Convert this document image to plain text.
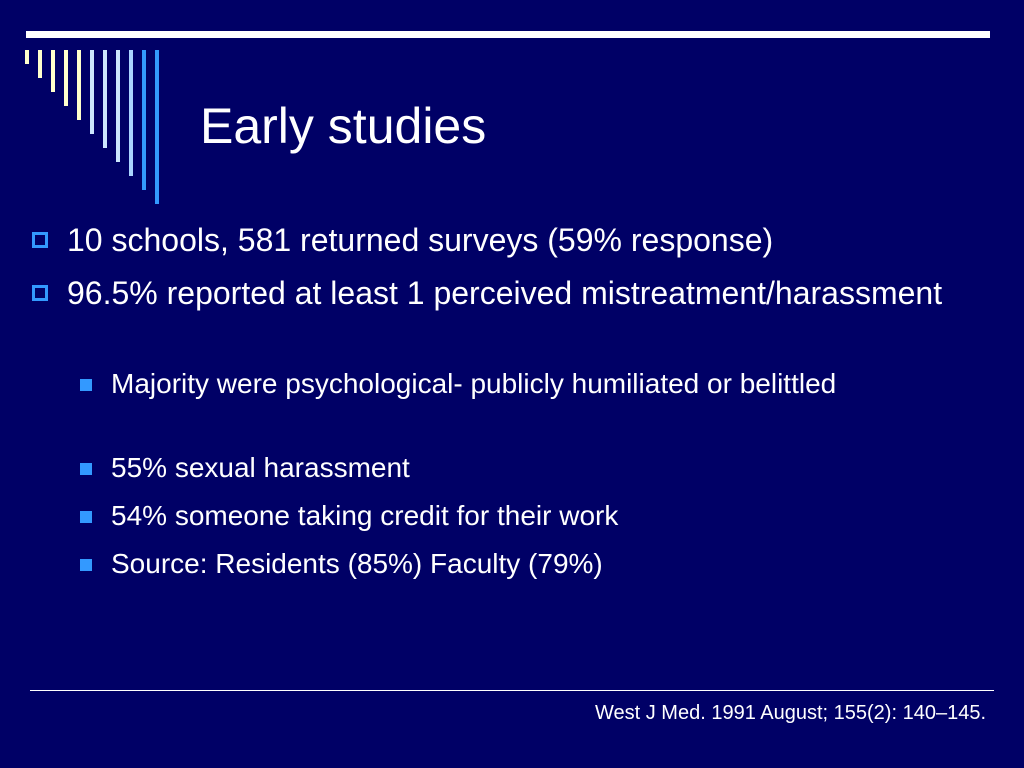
Early studies
10 schools, 581 returned surveys (59% response)
96.5% reported at least 1 perceived mistreatment/harassment
Majority were psychological- publicly humiliated or belittled
55% sexual harassment
54% someone taking credit for their work
Source: Residents (85%) Faculty (79%)
West J Med. 1991 August; 155(2): 140–145.
